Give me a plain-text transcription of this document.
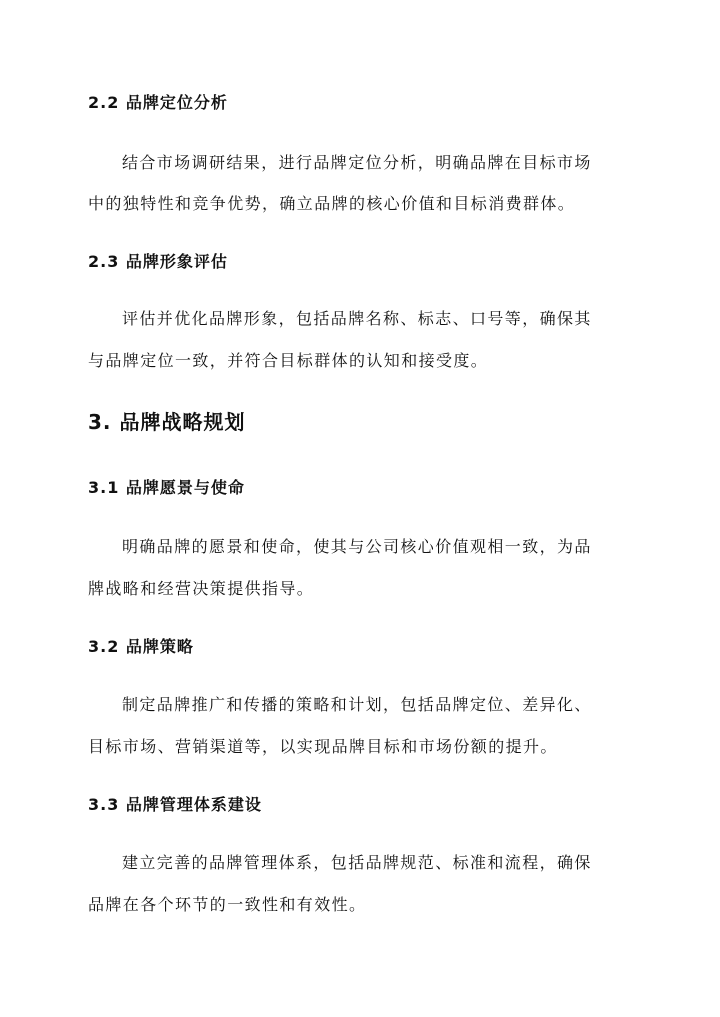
2.2 品牌定位分析
结合市场调研结果，进行品牌定位分析，明确品牌在目标市场
中的独特性和竞争优势，确立品牌的核心价值和目标消费群体。
2.3 品牌形象评估
评估并优化品牌形象，包括品牌名称、标志、口号等，确保其
与品牌定位一致，并符合目标群体的认知和接受度。
3. 品牌战略规划
3.1 品牌愿景与使命
明确品牌的愿景和使命，使其与公司核心价值观相一致，为品
牌战略和经营决策提供指导。
3.2 品牌策略
制定品牌推广和传播的策略和计划，包括品牌定位、差异化、
目标市场、营销渠道等，以实现品牌目标和市场份额的提升。
3.3 品牌管理体系建设
建立完善的品牌管理体系，包括品牌规范、标准和流程，确保
品牌在各个环节的一致性和有效性。
